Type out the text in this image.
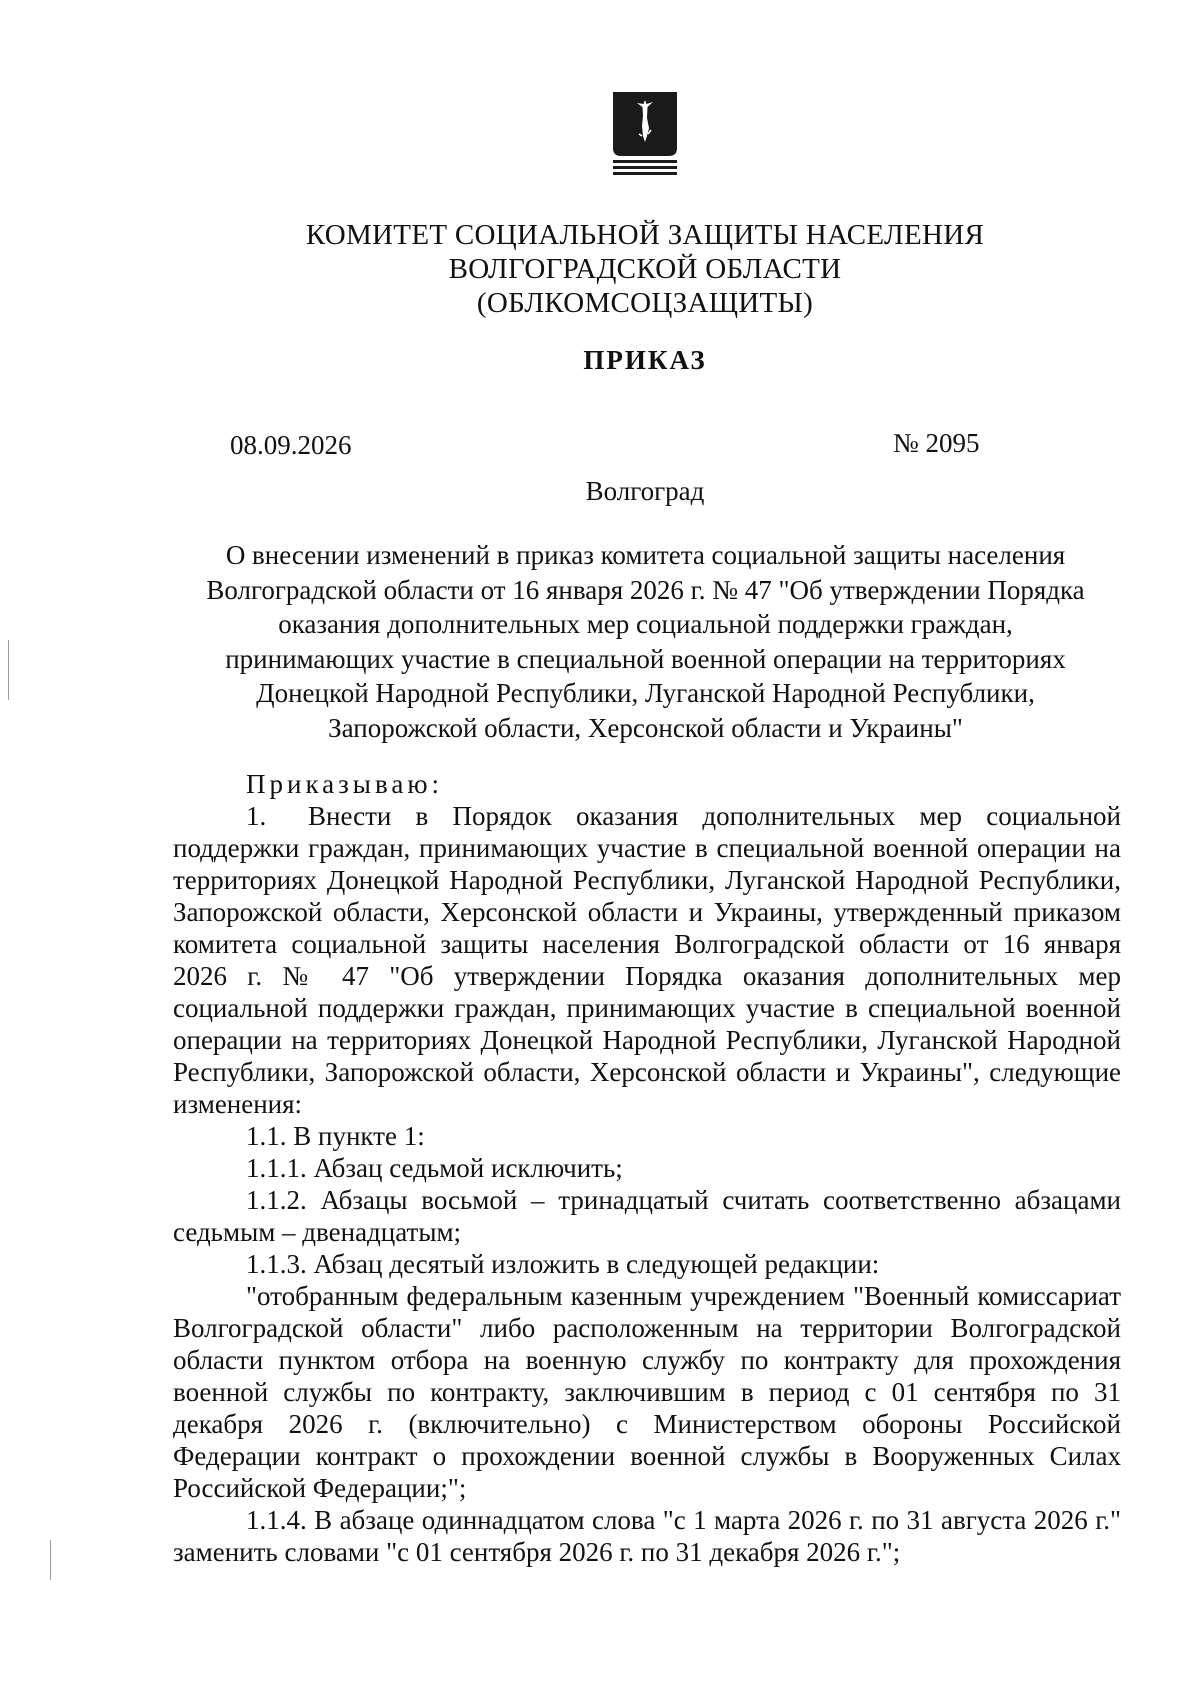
КОМИТЕТ СОЦИАЛЬНОЙ ЗАЩИТЫ НАСЕЛЕНИЯ
ВОЛГОГРАДСКОЙ ОБЛАСТИ
(ОБЛКОМСОЦЗАЩИТЫ)
ПРИКАЗ
08.09.2026	№ 2095
Волгоград
О внесении изменений в приказ комитета социальной защиты населения
Волгоградской области от 16 января 2026 г. № 47 "Об утверждении Порядка
оказания дополнительных мер социальной поддержки граждан,
принимающих участие в специальной военной операции на территориях
Донецкой Народной Республики, Луганской Народной Республики,
Запорожской области, Херсонской области и Украины"

Приказываю:

1. Внести в Порядок оказания дополнительных мер социальной поддержки граждан, принимающих участие в специальной военной операции на территориях Донецкой Народной Республики, Луганской Народной Республики, Запорожской области, Херсонской области и Украины, утвержденный приказом комитета социальной защиты населения Волгоградской области от 16 января 2026 г. № 47 "Об утверждении Порядка оказания дополнительных мер социальной поддержки граждан, принимающих участие в специальной военной операции на территориях Донецкой Народной Республики, Луганской Народной Республики, Запорожской области, Херсонской области и Украины", следующие изменения:

1.1. В пункте 1:

1.1.1. Абзац седьмой исключить;

1.1.2. Абзацы восьмой – тринадцатый считать соответственно абзацами седьмым – двенадцатым;

1.1.3. Абзац десятый изложить в следующей редакции:

"отобранным федеральным казенным учреждением "Военный комиссариат Волгоградской области" либо расположенным на территории Волгоградской области пунктом отбора на военную службу по контракту для прохождения военной службы по контракту, заключившим в период с 01 сентября по 31 декабря 2026 г. (включительно) с Министерством обороны Российской Федерации контракт о прохождении военной службы в Вооруженных Силах Российской Федерации;";

1.1.4. В абзаце одиннадцатом слова "с 1 марта 2026 г. по 31 августа 2026 г." заменить словами "с 01 сентября 2026 г. по 31 декабря 2026 г.";
